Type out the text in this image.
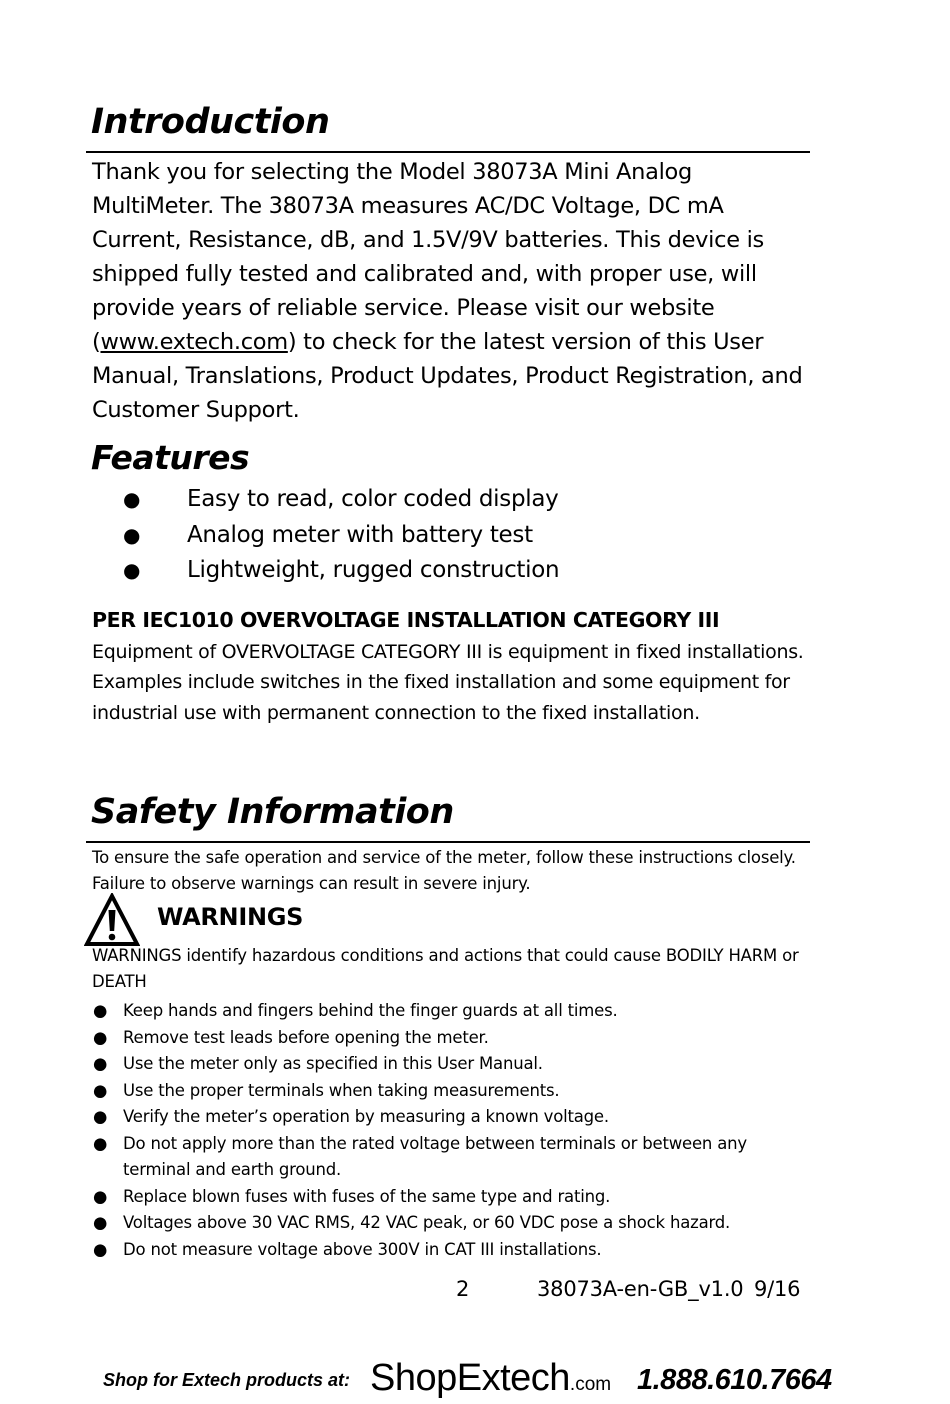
Introduction

Thank you for selecting the Model 38073A Mini Analog MultiMeter. The 38073A measures AC/DC Voltage, DC mA Current, Resistance, dB, and 1.5V/9V batteries. This device is shipped fully tested and calibrated and, with proper use, will provide years of reliable service. Please visit our website (www.extech.com) to check for the latest version of this User Manual, Translations, Product Updates, Product Registration, and Customer Support.

Features
● Easy to read, color coded display
● Analog meter with battery test
● Lightweight, rugged construction
PER IEC1010 OVERVOLTAGE INSTALLATION CATEGORY III

Equipment of OVERVOLTAGE CATEGORY III is equipment in fixed installations. Examples include switches in the fixed installation and some equipment for industrial use with permanent connection to the fixed installation.

Safety Information

To ensure the safe operation and service of the meter, follow these instructions closely. Failure to observe warnings can result in severe injury.

WARNINGS

WARNINGS identify hazardous conditions and actions that could cause BODILY HARM or DEATH

● Keep hands and fingers behind the finger guards at all times.
● Remove test leads before opening the meter.
● Use the meter only as specified in this User Manual.
● Use the proper terminals when taking measurements.
● Verify the meter’s operation by measuring a known voltage.
● Do not apply more than the rated voltage between terminals or between any terminal and earth ground.
● Replace blown fuses with fuses of the same type and rating.
● Voltages above 30 VAC RMS, 42 VAC peak, or 60 VDC pose a shock hazard.
● Do not measure voltage above 300V in CAT III installations.
2	38073A-en-GB_v1.0 9/16
Shop for Extech products at: ShopExtech.com 1.888.610.7664
